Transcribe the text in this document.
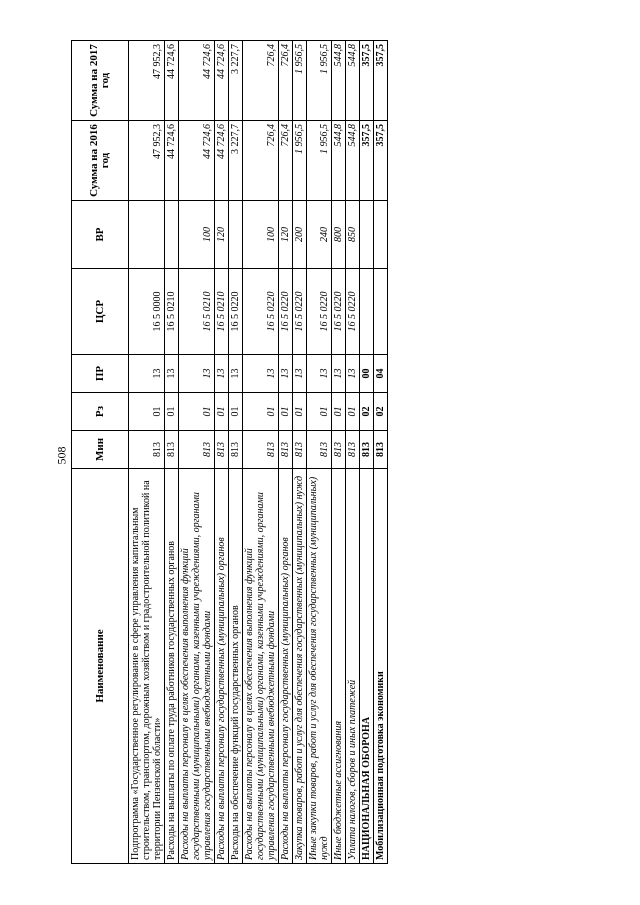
508
Наименование	Мин	Рз	ПР	ЦСР	ВР	Сумма на 2016 год	Сумма на 2017 год
Подпрограмма «Государственное регулирование в сфере управления капитальным строительством, транспортом, дорожным хозяйством и градостроительной политикой на территории Пензенской области»	813	01	13	16 5 0000		47 952,3	47 952,3
Расходы на выплаты по оплате труда работников государственных органов	813	01	13	16 5 0210		44 724,6	44 724,6
Расходы на выплаты персоналу в целях обеспечения выполнения функций государственными (муниципальными) органами, казенными учреждениями, органами управления государственными внебюджетными фондами	813	01	13	16 5 0210	100	44 724,6	44 724,6
Расходы на выплаты персоналу государственных (муниципальных) органов	813	01	13	16 5 0210	120	44 724,6	44 724,6
Расходы на обеспечение функций государственных органов	813	01	13	16 5 0220		3 227,7	3 227,7
Расходы на выплаты персоналу в целях обеспечения выполнения функций государственными (муниципальными) органами, казенными учреждениями, органами управления государственными внебюджетными фондами	813	01	13	16 5 0220	100	726,4	726,4
Расходы на выплаты персоналу государственных (муниципальных) органов	813	01	13	16 5 0220	120	726,4	726,4
Закупка товаров, работ и услуг для обеспечения государственных (муниципальных) нужд	813	01	13	16 5 0220	200	1 956,5	1 956,5
Иные закупки товаров, работ и услуг для обеспечения государственных (муниципальных) нужд	813	01	13	16 5 0220	240	1 956,5	1 956,5
Иные бюджетные ассигнования	813	01	13	16 5 0220	800	544,8	544,8
Уплата налогов, сборов и иных платежей	813	01	13	16 5 0220	850	544,8	544,8
НАЦИОНАЛЬНАЯ ОБОРОНА	813	02	00			357,5	357,5
Мобилизационная подготовка экономики	813	02	04			357,5	357,5
